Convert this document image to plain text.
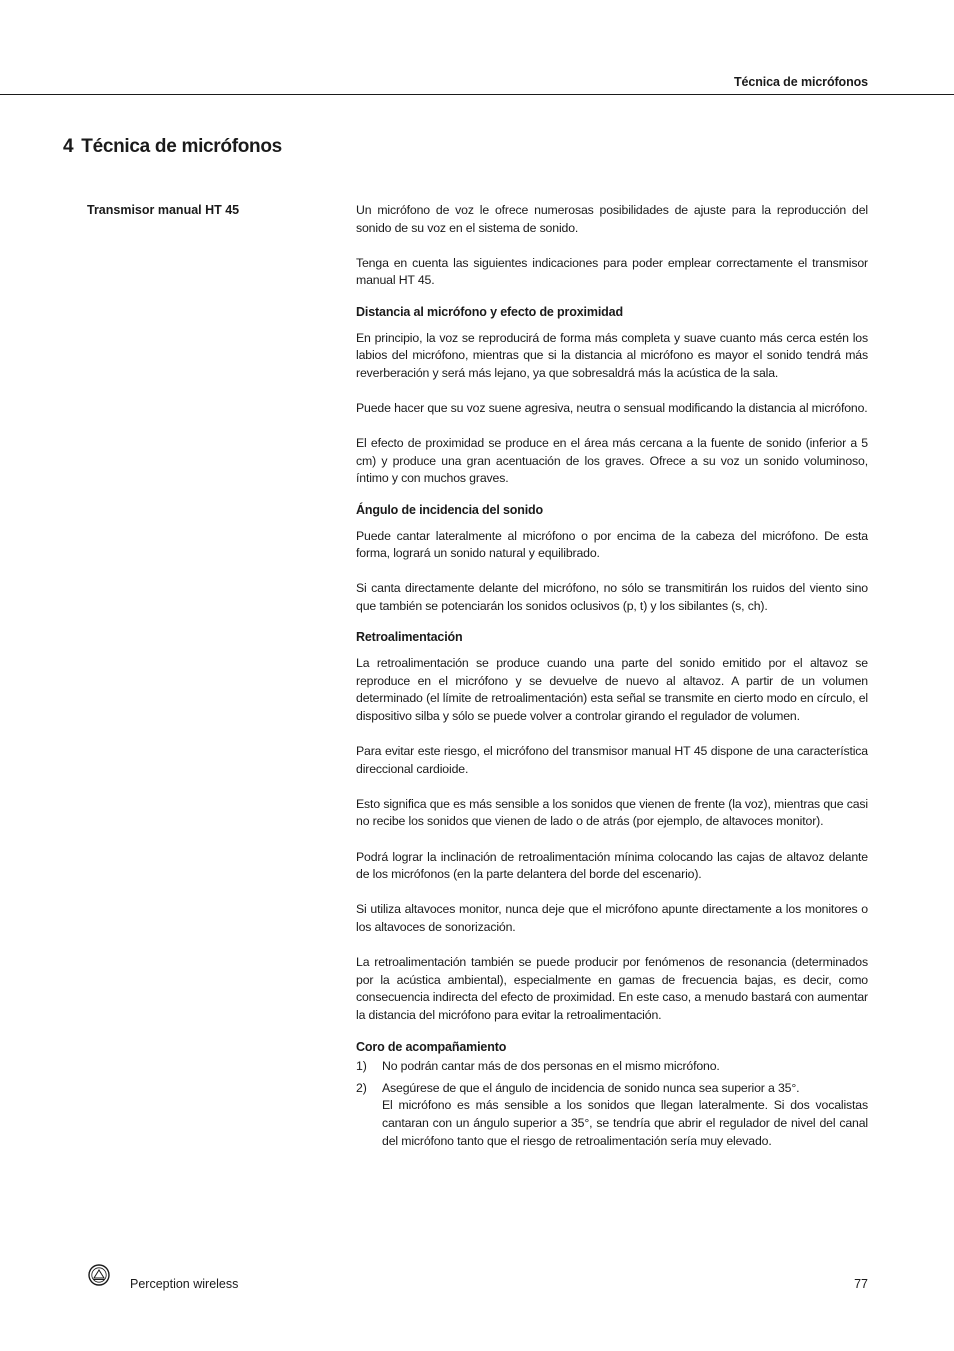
Técnica de micrófonos
4 Técnica de micrófonos
Transmisor manual HT 45	Un micrófono de voz le ofrece numerosas posibilidades de ajuste para la reproducción del sonido de su voz en el sistema de sonido.

Tenga en cuenta las siguientes indicaciones para poder emplear correctamente el transmisor manual HT 45.

Distancia al micrófono y efecto de proximidad

En principio, la voz se reproducirá de forma más completa y suave cuanto más cerca estén los labios del micrófono, mientras que si la distancia al micrófono es mayor el sonido tendrá más reverberación y será más lejano, ya que sobresaldrá más la acústica de la sala.

Puede hacer que su voz suene agresiva, neutra o sensual modificando la distancia al micrófono.

El efecto de proximidad se produce en el área más cercana a la fuente de sonido (inferior a 5 cm) y produce una gran acentuación de los graves. Ofrece a su voz un sonido voluminoso, íntimo y con muchos graves.

Ángulo de incidencia del sonido

Puede cantar lateralmente al micrófono o por encima de la cabeza del micrófono. De esta forma, logrará un sonido natural y equilibrado.

Si canta directamente delante del micrófono, no sólo se transmitirán los ruidos del viento sino que también se potenciarán los sonidos oclusivos (p, t) y los sibilantes (s, ch).

Retroalimentación

La retroalimentación se produce cuando una parte del sonido emitido por el altavoz se reproduce en el micrófono y se devuelve de nuevo al altavoz. A partir de un volumen determinado (el límite de retroalimentación) esta señal se transmite en cierto modo en círculo, el dispositivo silba y sólo se puede volver a controlar girando el regulador de volumen.

Para evitar este riesgo, el micrófono del transmisor manual HT 45 dispone de una característica direccional cardioide.

Esto significa que es más sensible a los sonidos que vienen de frente (la voz), mientras que casi no recibe los sonidos que vienen de lado o de atrás (por ejemplo, de altavoces monitor).

Podrá lograr la inclinación de retroalimentación mínima colocando las cajas de altavoz delante de los micrófonos (en la parte delantera del borde del escenario).

Si utiliza altavoces monitor, nunca deje que el micrófono apunte directamente a los monitores o los altavoces de sonorización.

La retroalimentación también se puede producir por fenómenos de resonancia (determinados por la acústica ambiental), especialmente en gamas de frecuencia bajas, es decir, como consecuencia indirecta del efecto de proximidad. En este caso, a menudo bastará con aumentar la distancia del micrófono para evitar la retroalimentación.

Coro de acompañamiento
1) No podrán cantar más de dos personas en el mismo micrófono.
2) Asegúrese de que el ángulo de incidencia de sonido nunca sea superior a 35°.
El micrófono es más sensible a los sonidos que llegan lateralmente. Si dos vocalistas cantaran con un ángulo superior a 35°, se tendría que abrir el regulador de nivel del canal del micrófono tanto que el riesgo de retroalimentación sería muy elevado.
Perception wireless	77
